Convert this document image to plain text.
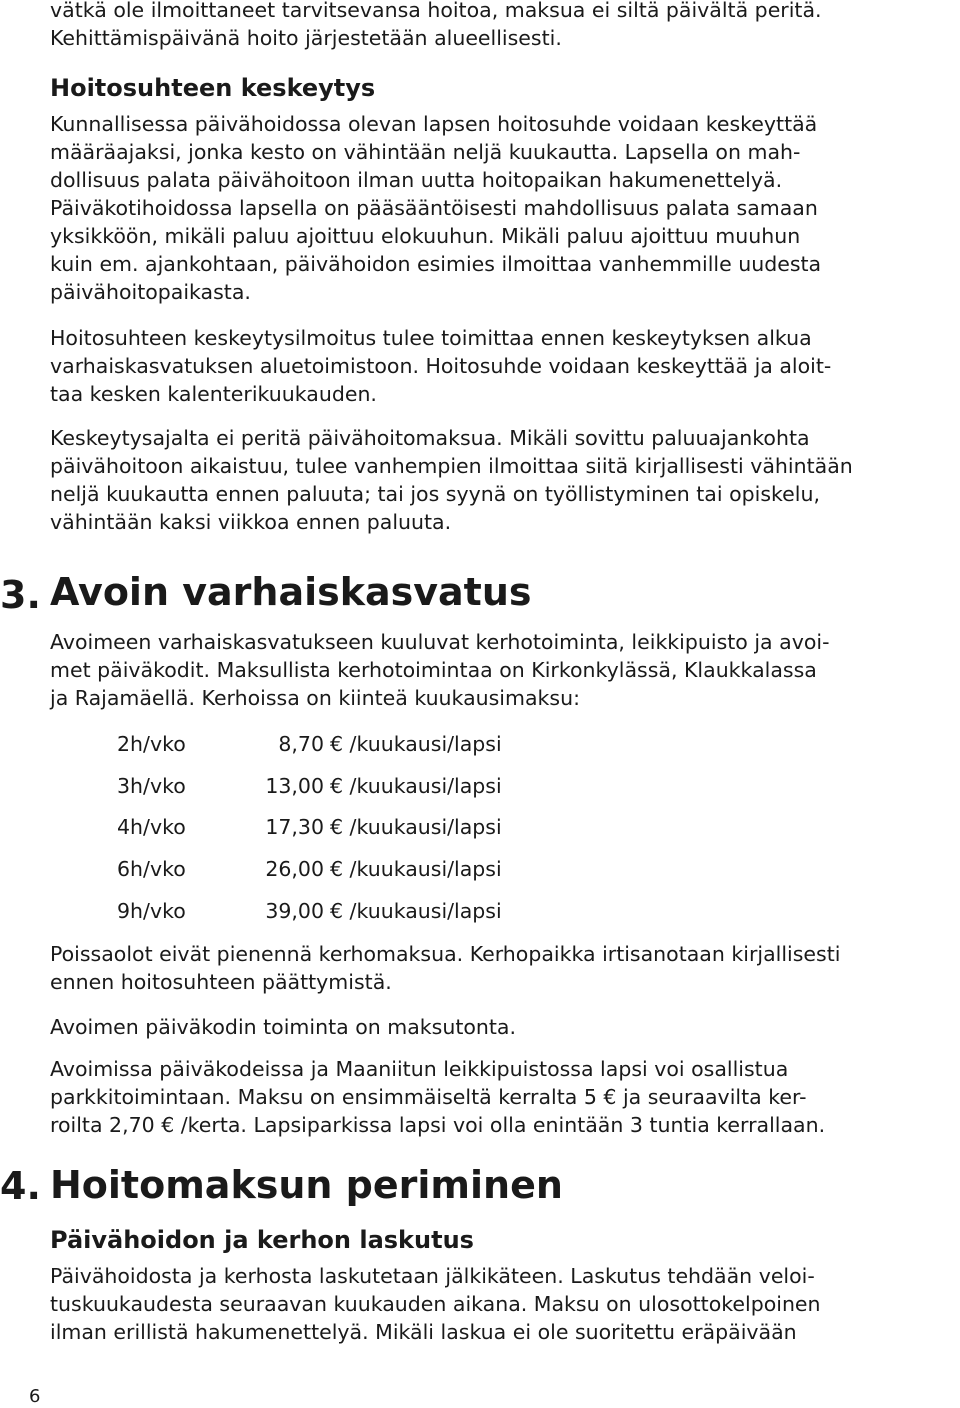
vätkä ole ilmoittaneet tarvitsevansa hoitoa, maksua ei siltä päivältä peritä.
Kehittämispäivänä hoito järjestetään alueellisesti.

Hoitosuhteen keskeytys

Kunnallisessa päivähoidossa olevan lapsen hoitosuhde voidaan keskeyttää
määräajaksi, jonka kesto on vähintään neljä kuukautta. Lapsella on mah-
dollisuus palata päivähoitoon ilman uutta hoitopaikan hakumenettelyä.
Päiväkotihoidossa lapsella on pääsääntöisesti mahdollisuus palata samaan
yksikköön, mikäli paluu ajoittuu elokuuhun. Mikäli paluu ajoittuu muuhun
kuin em. ajankohtaan, päivähoidon esimies ilmoittaa vanhemmille uudesta
päivähoitopaikasta.

Hoitosuhteen keskeytysilmoitus tulee toimittaa ennen keskeytyksen alkua
varhaiskasvatuksen aluetoimistoon. Hoitosuhde voidaan keskeyttää ja aloit-
taa kesken kalenterikuukauden.

Keskeytysajalta ei peritä päivähoitomaksua. Mikäli sovittu paluuajankohta
päivähoitoon aikaistuu, tulee vanhempien ilmoittaa siitä kirjallisesti vähintään
neljä kuukautta ennen paluuta; tai jos syynä on työllistyminen tai opiskelu,
vähintään kaksi viikkoa ennen paluuta.

3. Avoin varhaiskasvatus

Avoimeen varhaiskasvatukseen kuuluvat kerhotoiminta, leikkipuisto ja avoi-
met päiväkodit. Maksullista kerhotoimintaa on Kirkonkylässä, Klaukkalassa
ja Rajamäellä. Kerhoissa on kiinteä kuukausimaksu:

2h/vko	8,70 € /kuukausi/lapsi
3h/vko	13,00 € /kuukausi/lapsi
4h/vko	17,30 € /kuukausi/lapsi
6h/vko	26,00 € /kuukausi/lapsi
9h/vko	39,00 € /kuukausi/lapsi

Poissaolot eivät pienennä kerhomaksua. Kerhopaikka irtisanotaan kirjallisesti
ennen hoitosuhteen päättymistä.

Avoimen päiväkodin toiminta on maksutonta.

Avoimissa päiväkodeissa ja Maaniitun leikkipuistossa lapsi voi osallistua
parkkitoimintaan. Maksu on ensimmäiseltä kerralta 5 € ja seuraavilta ker-
roilta 2,70 € /kerta. Lapsiparkissa lapsi voi olla enintään 3 tuntia kerrallaan.

4. Hoitomaksun periminen
Päivähoidon ja kerhon laskutus

Päivähoidosta ja kerhosta laskutetaan jälkikäteen. Laskutus tehdään veloi-
tuskuukaudesta seuraavan kuukauden aikana. Maksu on ulosottokelpoinen
ilman erillistä hakumenettelyä. Mikäli laskua ei ole suoritettu eräpäivään

6
